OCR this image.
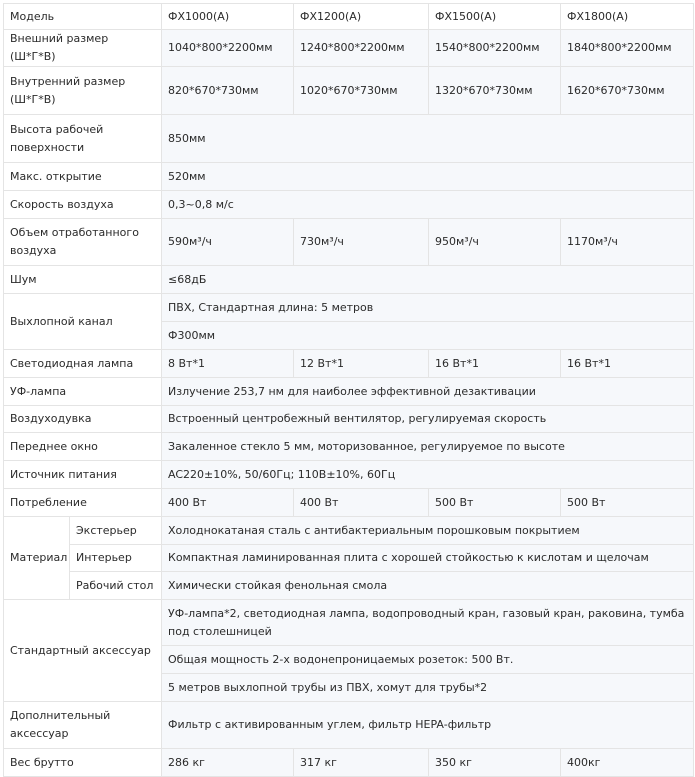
Модель		ФХ1000(А)	ФХ1200(А)	ФХ1500(А)	ФХ1800(А)
Внешний размер (Ш*Г*В)		1040*800*2200мм	1240*800*2200мм	1540*800*2200мм	1840*800*2200мм
Внутренний размер (Ш*Г*В)		820*670*730мм	1020*670*730мм	1320*670*730мм	1620*670*730мм
Высота рабочей поверхности		850мм			
Макс. открытие		520мм			
Скорость воздуха		0,3~0,8 м/с			
Объем отработанного воздуха		590м³/ч	730м³/ч	950м³/ч	1170м³/ч
Шум		≤68дБ			
Выхлопной канал		ПВХ, Стандартная длина: 5 метров			
		Ф300мм			
Светодиодная лампа		8 Вт*1	12 Вт*1	16 Вт*1	16 Вт*1
УФ-лампа		Излучение 253,7 нм для наиболее эффективной дезактивации			
Воздуходувка		Встроенный центробежный вентилятор, регулируемая скорость			
Переднее окно		Закаленное стекло 5 мм, моторизованное, регулируемое по высоте			
Источник питания		AC220±10%, 50/60Гц; 110В±10%, 60Гц			
Потребление		400 Вт	400 Вт	500 Вт	500 Вт
Материал	Экстерьер	Холоднокатаная сталь с антибактериальным порошковым покрытием			
	Интерьер	Компактная ламинированная плита с хорошей стойкостью к кислотам и щелочам			
	Рабочий стол	Химически стойкая фенольная смола			
Стандартный аксессуар		УФ-лампа*2, светодиодная лампа, водопроводный кран, газовый кран, раковина, тумба под столешницей			
		Общая мощность 2-х водонепроницаемых розеток: 500 Вт.			
		5 метров выхлопной трубы из ПВХ, хомут для трубы*2			
Дополнительный аксессуар		Фильтр с активированным углем, фильтр HEPA-фильтр			
Вес брутто		286 кг	317 кг	350 кг	400кг
